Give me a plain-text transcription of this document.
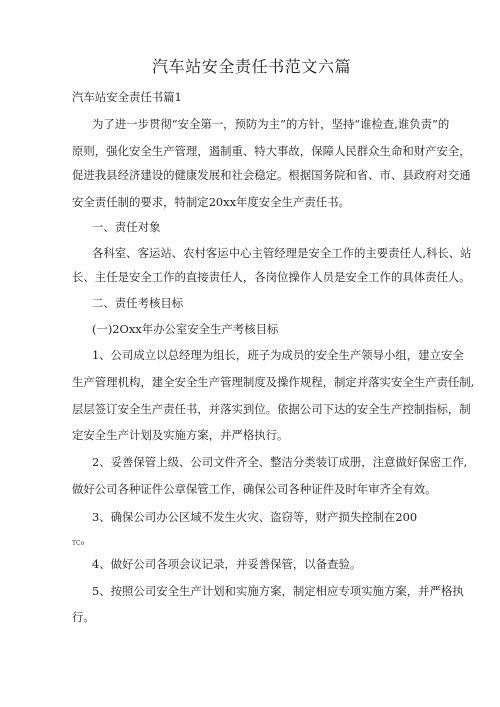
汽车站安全责任书范文六篇
汽车站安全责任书篇1
为了进一步贯彻“安全第一，预防为主”的方针，坚持“谁检查,谁负责”的
原则，强化安全生产管理，遏制重、特大事故，保障人民群众生命和财产安全，
促进我县经济建设的健康发展和社会稳定。根据国务院和省、市、县政府对交通
安全责任制的要求，特制定20xx年度安全生产责任书。
一、责任对象
各科室、客运站、农村客运中心主管经理是安全工作的主要责任人,科长、站
长、主任是安全工作的直接责任人，各岗位操作人员是安全工作的具体责任人。
二、责任考核目标
(一)2Oxx年办公室安全生产考核目标
1、公司成立以总经理为组长，班子为成员的安全生产领导小组，建立安全
生产管理机构，建全安全生产管理制度及操作规程，制定并落实安全生产责任制,
层层签订安全生产责任书，并落实到位。依据公司下达的安全生产控制指标，制
定安全生产计划及实施方案，并严格执行。
2、妥善保管上级、公司文件齐全、整洁分类装订成册，注意做好保密工作,
做好公司各种证件公章保管工作，确保公司各种证件及时年审齐全有效。
3、确保公司办公区域不发生火灾、盗窃等，财产损失控制在200
TCo
4、做好公司各项会议记录，并妥善保管，以备查验。
5、按照公司安全生产计划和实施方案，制定相应专项实施方案，并严格执
行。
